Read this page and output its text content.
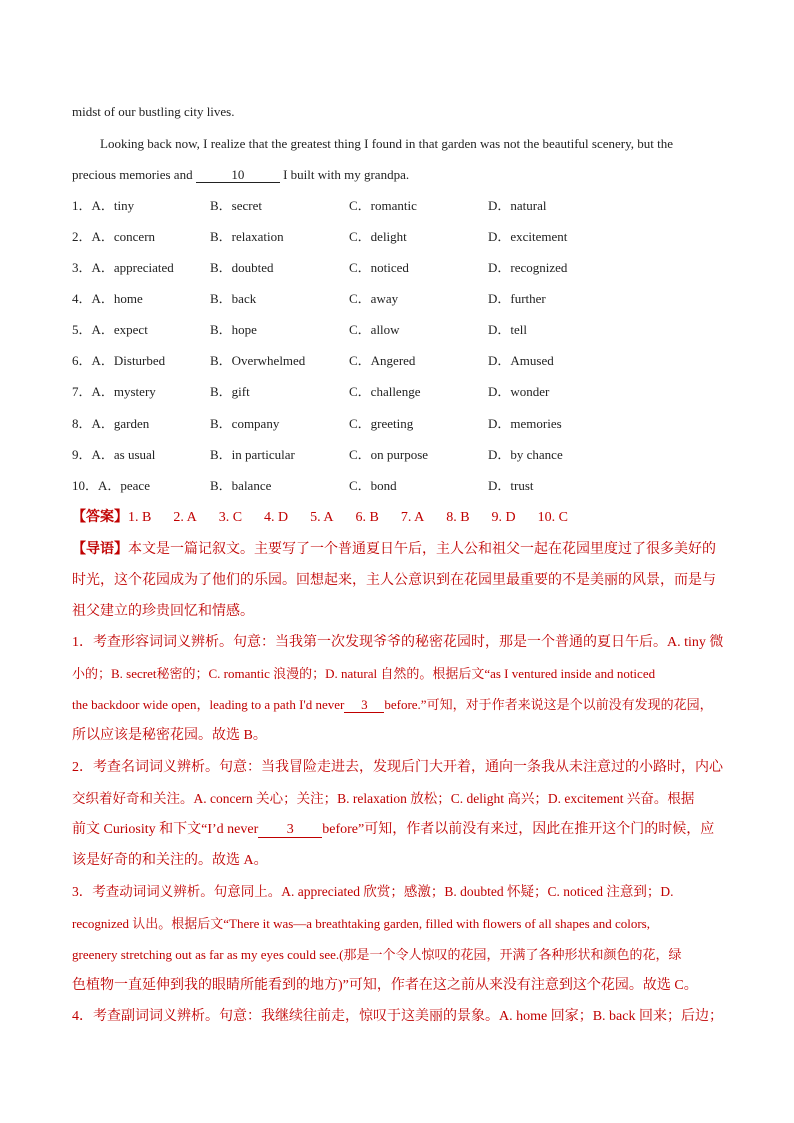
midst of our bustling city lives.
Looking back now, I realize that the greatest thing I found in that garden was not the beautiful scenery, but the
precious memories and	10	I built with my grandpa.
1．A．tiny	B．secret	C．romantic	D．natural
2．A．concern	B．relaxation	C．delight	D．excitement
3．A．appreciated	B．doubted	C．noticed	D．recognized
4．A．home	B．back	C．away	D．further
5．A．expect	B．hope	C．allow	D．tell
6．A．Disturbed	B．Overwhelmed	C．Angered	D．Amused
7．A．mystery	B．gift	C．challenge	D．wonder
8．A．garden	B．company	C．greeting	D．memories
9．A．as usual	B．in particular	C．on purpose	D．by chance
10．A．peace	B．balance	C．bond	D．trust
【答案】1. B 2. A 3. C 4. D 5. A 6. B 7. A 8. B 9. D 10. C
【导语】本文是一篇记叙文。主要写了一个普通夏日午后，主人公和祖父一起在花园里度过了很多美好的
时光，这个花园成为了他们的乐园。回想起来，主人公意识到在花园里最重要的不是美丽的风景，而是与
祖父建立的珍贵回忆和情感。
1．考查形容词词义辨析。句意：当我第一次发现爷爷的秘密花园时，那是一个普通的夏日午后。A. tiny 微
小的；B. secret秘密的；C. romantic 浪漫的；D. natural 自然的。根据后文“as I ventured inside and noticed
the backdoor wide open，leading to a path I'd never 3 before.”可知，对于作者来说这是个以前没有发现的花园，
所以应该是秘密花园。故选 B。
2．考查名词词义辨析。句意：当我冒险走进去，发现后门大开着，通向一条我从未注意过的小路时，内心
交织着好奇和关注。A. concern 关心；关注；B. relaxation 放松；C. delight 高兴；D. excitement 兴奋。根据
前文 Curiosity 和下文“I’d never 3 before”可知，作者以前没有来过，因此在推开这个门的时候，应
该是好奇的和关注的。故选 A。
3．考查动词词义辨析。句意同上。A. appreciated 欣赏；感激；B. doubted 怀疑；C. noticed 注意到；D.
recognized 认出。根据后文“There it was—a breathtaking garden, filled with flowers of all shapes and colors,
greenery stretching out as far as my eyes could see.(那是一个令人惊叹的花园，开满了各种形状和颜色的花，绿
色植物一直延伸到我的眼睛所能看到的地方)”可知，作者在这之前从来没有注意到这个花园。故选 C。
4．考查副词词义辨析。句意：我继续往前走，惊叹于这美丽的景象。A. home 回家；B. back 回来；后边；
